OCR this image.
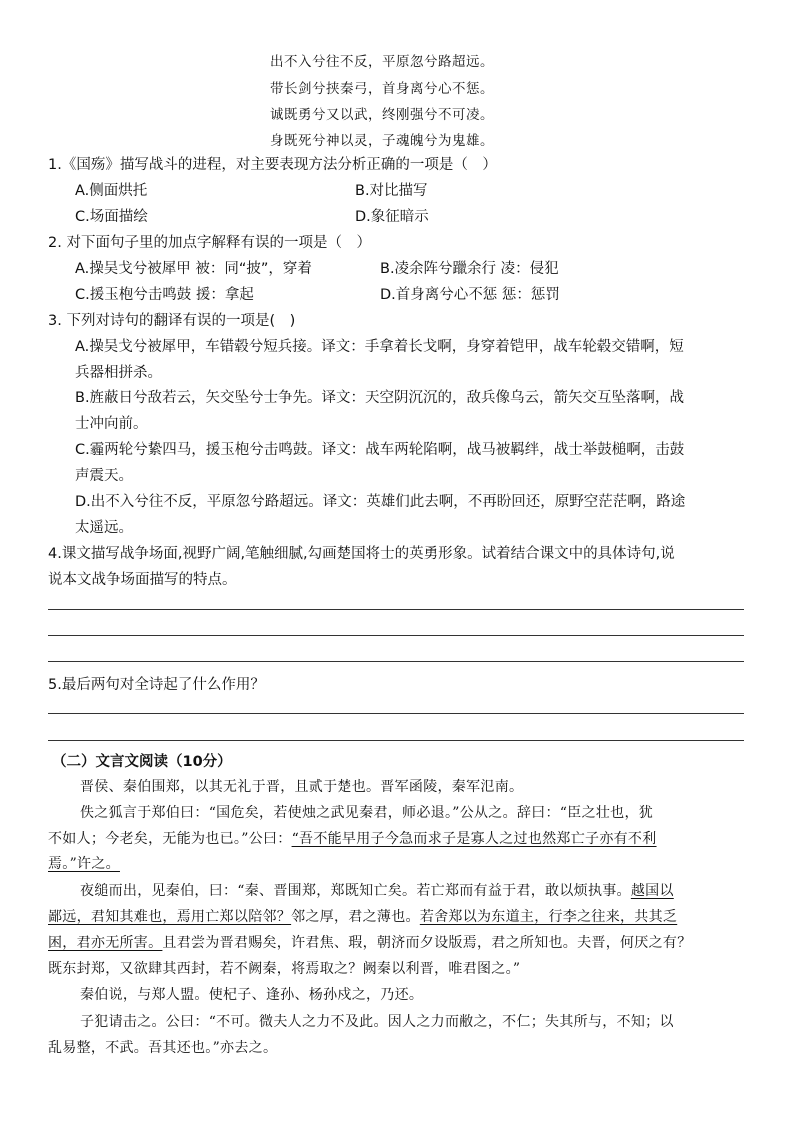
出不入兮往不反，平原忽兮路超远。
带长剑兮挟秦弓，首身离兮心不惩。
诚既勇兮又以武，终刚强兮不可凌。
身既死兮神以灵，子魂魄兮为鬼雄。
1.《国殇》描写战斗的进程，对主要表现方法分析正确的一项是（　）
A.侧面烘托	B.对比描写
C.场面描绘	D.象征暗示
2. 对下面句子里的加点字解释有误的一项是（　）
A.操吴戈兮被犀甲 被：同“披”，穿着	B.凌余阵兮躐余行 凌：侵犯
C.援玉枹兮击鸣鼓 援：拿起	D.首身离兮心不惩 惩：惩罚
3. 下列对诗句的翻译有误的一项是(　)
A.操吴戈兮被犀甲，车错毂兮短兵接。译文：手拿着长戈啊，身穿着铠甲，战车轮毂交错啊，短
兵器相拼杀。
B.旌蔽日兮敌若云，矢交坠兮士争先。译文：天空阴沉沉的，敌兵像乌云，箭矢交互坠落啊，战
士冲向前。
C.霾两轮兮絷四马，援玉枹兮击鸣鼓。译文：战车两轮陷啊，战马被羁绊，战士举鼓槌啊，击鼓
声震天。
D.出不入兮往不反，平原忽兮路超远。译文：英雄们此去啊，不再盼回还，原野空茫茫啊，路途
太遥远。
4.课文描写战争场面,视野广阔,笔触细腻,勾画楚国将士的英勇形象。试着结合课文中的具体诗句,说
说本文战争场面描写的特点。
5.最后两句对全诗起了什么作用？
（二）文言文阅读（10分）
晋侯、秦伯围郑，以其无礼于晋，且贰于楚也。晋军函陵，秦军氾南。
佚之狐言于郑伯曰：“国危矣，若使烛之武见秦君，师必退。”公从之。辞曰：“臣之壮也，犹
不如人；今老矣，无能为也已。”公曰：“吾不能早用子今急而求子是寡人之过也然郑亡子亦有不利
焉。”许之。
夜缒而出，见秦伯，曰：“秦、晋围郑，郑既知亡矣。若亡郑而有益于君，敢以烦执事。越国以
鄙远，君知其难也，焉用亡郑以陪邻？邻之厚，君之薄也。若舍郑以为东道主，行李之往来，共其乏
困，君亦无所害。且君尝为晋君赐矣，许君焦、瑕，朝济而夕设版焉，君之所知也。夫晋，何厌之有？
既东封郑，又欲肆其西封，若不阙秦，将焉取之？阙秦以利晋，唯君图之。”
秦伯说，与郑人盟。使杞子、逢孙、杨孙戍之，乃还。
子犯请击之。公曰：“不可。微夫人之力不及此。因人之力而敝之，不仁；失其所与，不知；以
乱易整，不武。吾其还也。”亦去之。
